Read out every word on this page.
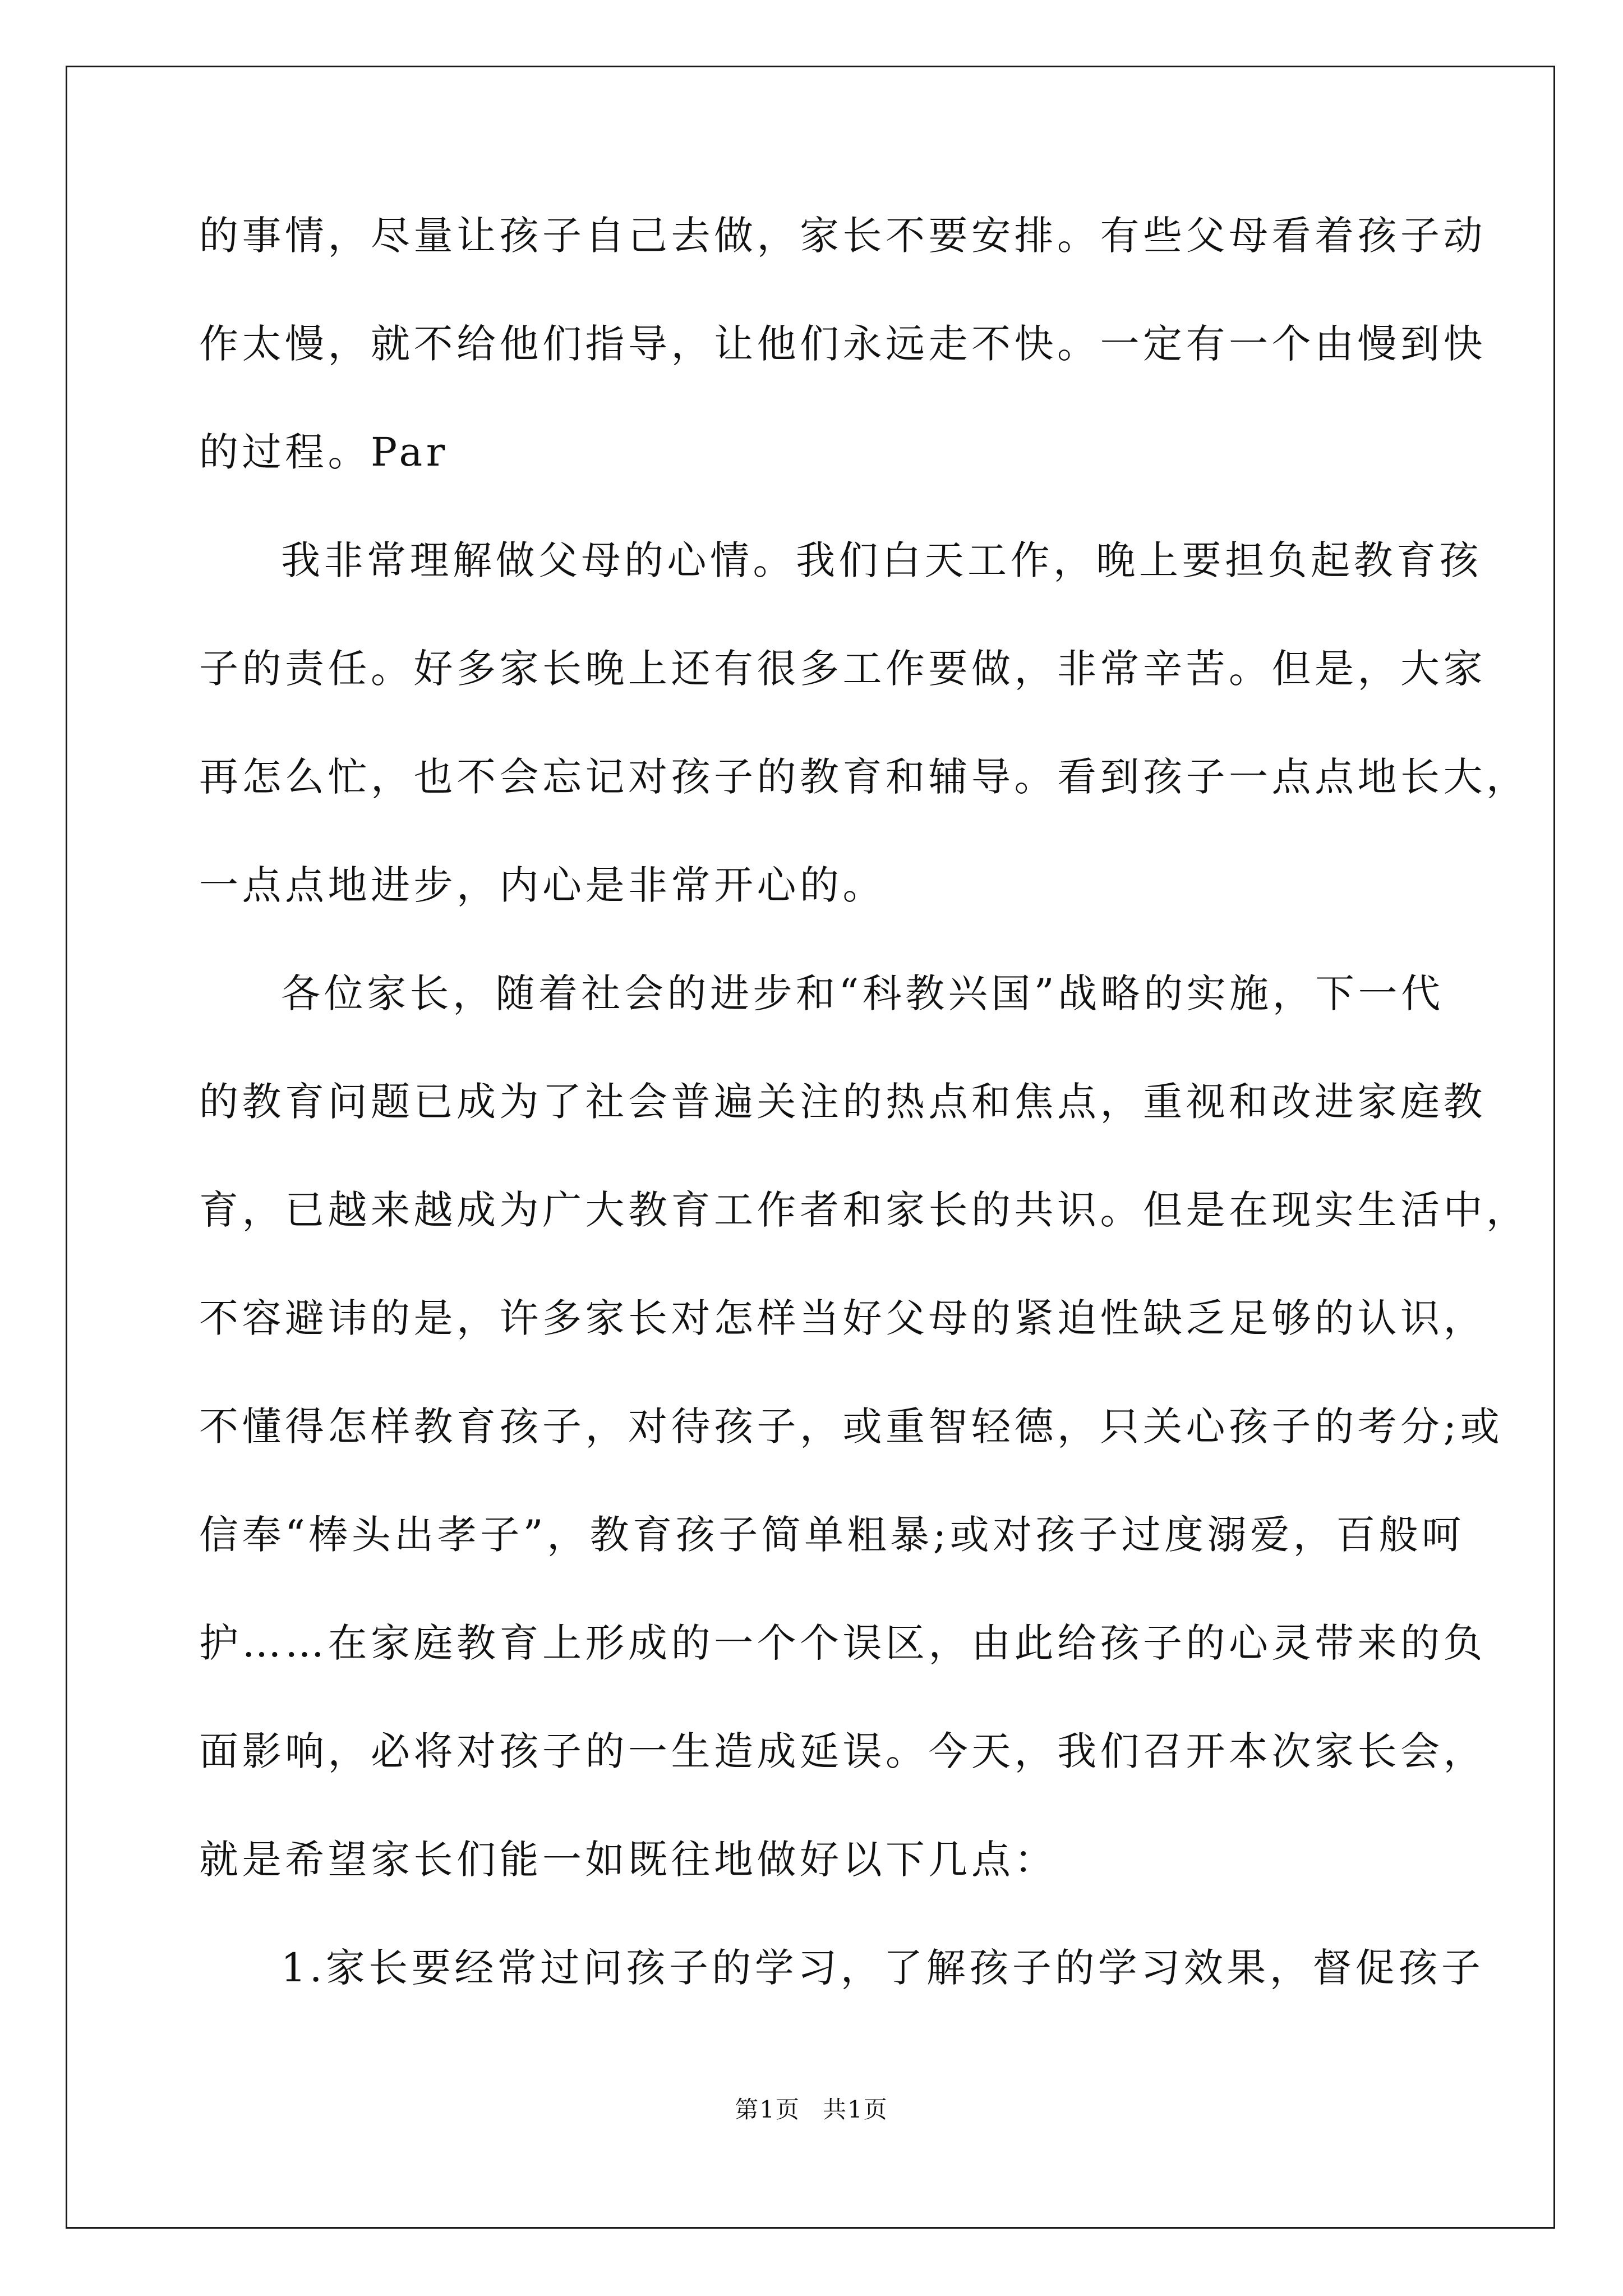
的事情，尽量让孩子自己去做，家长不要安排。有些父母看着孩子动
作太慢，就不给他们指导，让他们永远走不快。一定有一个由慢到快
的过程。Par
我非常理解做父母的心情。我们白天工作，晚上要担负起教育孩
子的责任。好多家长晚上还有很多工作要做，非常辛苦。但是，大家
再怎么忙，也不会忘记对孩子的教育和辅导。看到孩子一点点地长大，
一点点地进步，内心是非常开心的。
各位家长，随着社会的进步和“科教兴国”战略的实施，下一代
的教育问题已成为了社会普遍关注的热点和焦点，重视和改进家庭教
育，已越来越成为广大教育工作者和家长的共识。但是在现实生活中，
不容避讳的是，许多家长对怎样当好父母的紧迫性缺乏足够的认识，
不懂得怎样教育孩子，对待孩子，或重智轻德，只关心孩子的考分;或
信奉“棒头出孝子”，教育孩子简单粗暴;或对孩子过度溺爱，百般呵
护……在家庭教育上形成的一个个误区，由此给孩子的心灵带来的负
面影响，必将对孩子的一生造成延误。今天，我们召开本次家长会，
就是希望家长们能一如既往地做好以下几点：
1.家长要经常过问孩子的学习，了解孩子的学习效果，督促孩子
第1页 共1页
